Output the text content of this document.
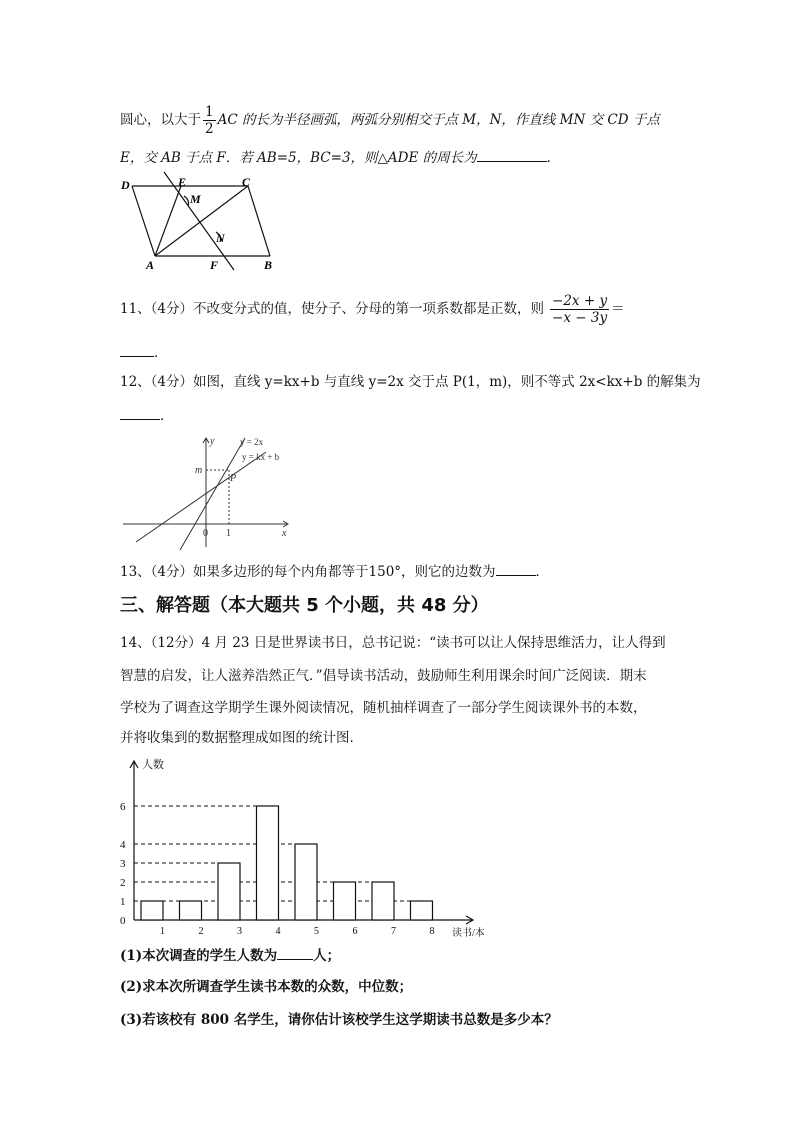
圆心，以大于 $\frac{1}{2}$ AC 的长为半径画弧，两弧分别相交于点 M，N，作直线 MN 交 CD 于点
E，交 AB 于点 F．若 AB=5，BC=3，则△ADE 的周长为	．
D	E	C
M
N
A	F	B
11、（4分）不改变分式的值，使分子、分母的第一项系数都是正数，则 $\frac{-2x + y}{-x - 3y}$ ＝
．
12、（4分）如图，直线 y=kx+b 与直线 y=2x 交于点 P(1，m)，则不等式 2x<kx+b 的解集为
．
y
x
m
P
0 1
y = 2x
y = kx + b
13、（4分）如果多边形的每个内角都等于150°，则它的边数为	．
三、解答题（本大题共 5 个小题，共 48 分）
14、（12分）4 月 23 日是世界读书日，总书记说：“读书可以让人保持思维活力，让人得到
智慧的启发，让人滋养浩然正气．”倡导读书活动，鼓励师生利用课余时间广泛阅读．期末
学校为了调查这学期学生课外阅读情况，随机抽样调查了一部分学生阅读课外书的本数，
并将收集到的数据整理成如图的统计图．
人数
读书/本
0
1
2
3
4
6
1	2	3	4	5	6	7	8
(1)本次调查的学生人数为	人；
(2)求本次所调查学生读书本数的众数，中位数；
(3)若该校有 800 名学生，请你估计该校学生这学期读书总数是多少本？
